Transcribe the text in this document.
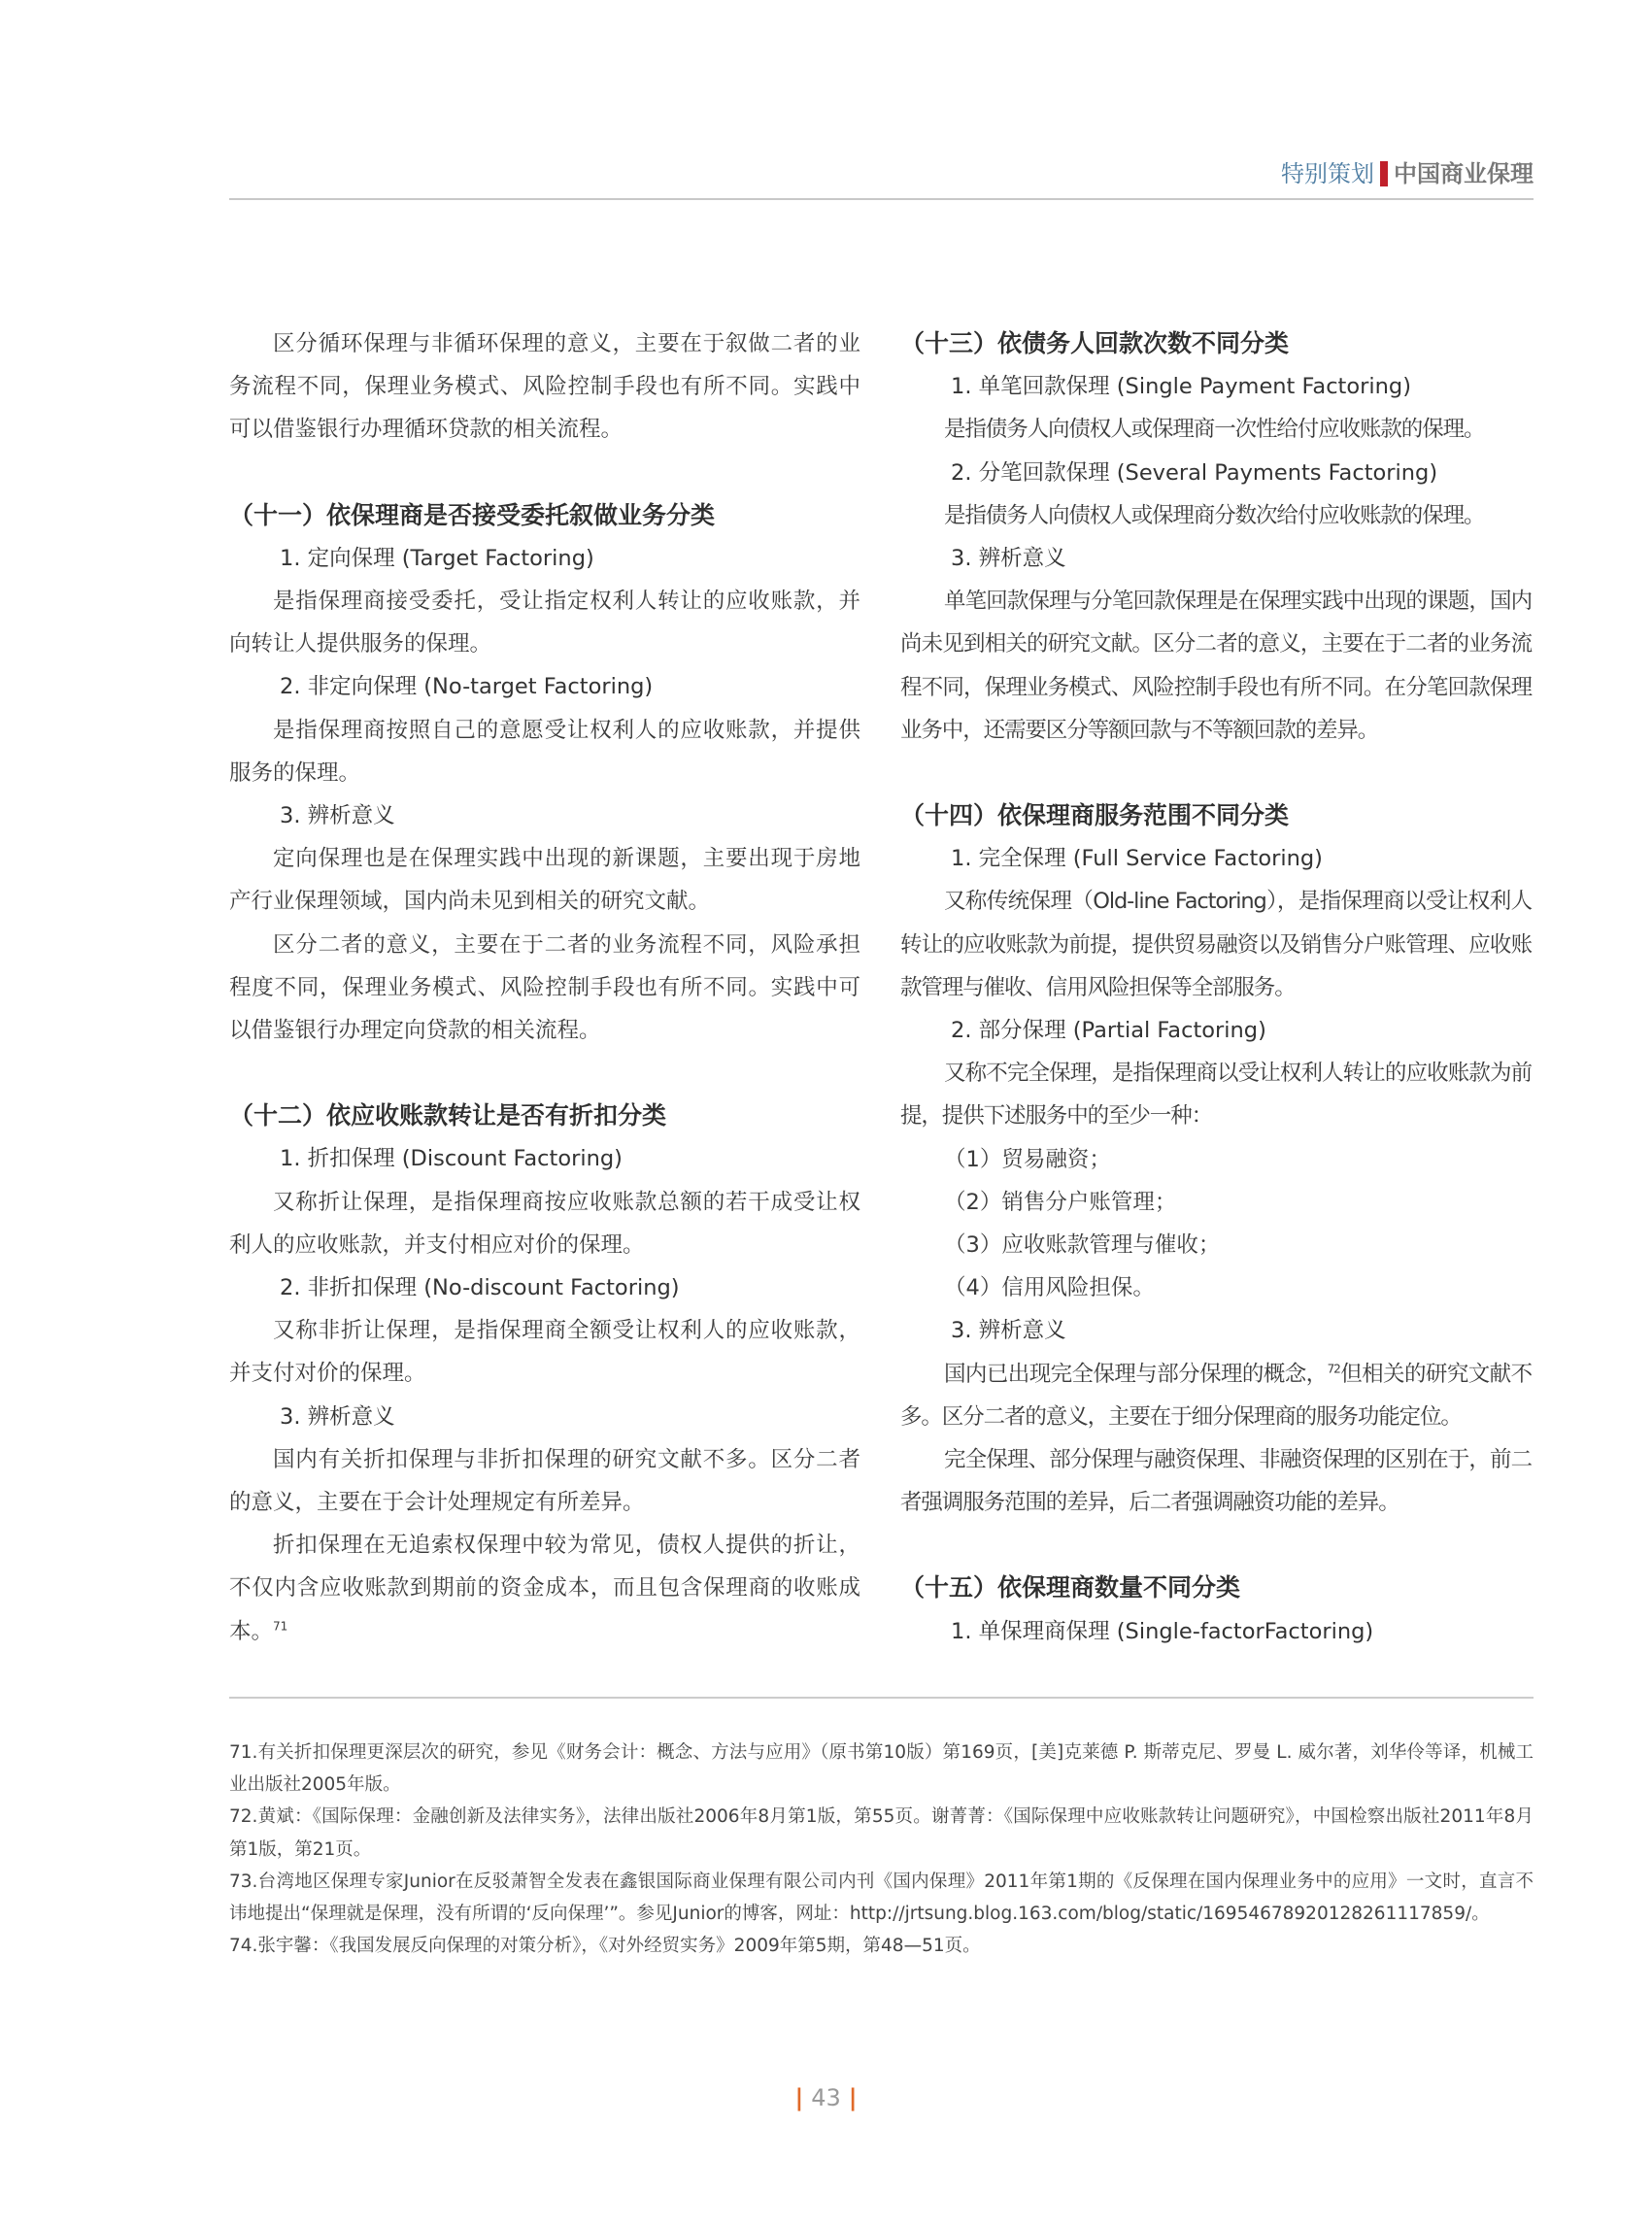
特别策划 中国商业保理

区分循环保理与非循环保理的意义，主要在于叙做二者的业务流程不同，保理业务模式、风险控制手段也有所不同。实践中可以借鉴银行办理循环贷款的相关流程。

（十一）依保理商是否接受委托叙做业务分类

1. 定向保理 (Target Factoring)

是指保理商接受委托，受让指定权利人转让的应收账款，并向转让人提供服务的保理。

2. 非定向保理 (No-target Factoring)

是指保理商按照自己的意愿受让权利人的应收账款，并提供服务的保理。

3. 辨析意义

定向保理也是在保理实践中出现的新课题，主要出现于房地产行业保理领域，国内尚未见到相关的研究文献。

区分二者的意义，主要在于二者的业务流程不同，风险承担程度不同，保理业务模式、风险控制手段也有所不同。实践中可以借鉴银行办理定向贷款的相关流程。

（十二）依应收账款转让是否有折扣分类

1. 折扣保理 (Discount Factoring)

又称折让保理，是指保理商按应收账款总额的若干成受让权利人的应收账款，并支付相应对价的保理。

2. 非折扣保理 (No-discount Factoring)

又称非折让保理，是指保理商全额受让权利人的应收账款，并支付对价的保理。

3. 辨析意义

国内有关折扣保理与非折扣保理的研究文献不多。区分二者的意义，主要在于会计处理规定有所差异。

折扣保理在无追索权保理中较为常见，债权人提供的折让，不仅内含应收账款到期前的资金成本，而且包含保理商的收账成本。$^{71}$

（十三）依债务人回款次数不同分类

1. 单笔回款保理 (Single Payment Factoring)

是指债务人向债权人或保理商一次性给付应收账款的保理。

2. 分笔回款保理 (Several Payments Factoring)

是指债务人向债权人或保理商分数次给付应收账款的保理。

3. 辨析意义

单笔回款保理与分笔回款保理是在保理实践中出现的课题，国内尚未见到相关的研究文献。区分二者的意义，主要在于二者的业务流程不同，保理业务模式、风险控制手段也有所不同。在分笔回款保理业务中，还需要区分等额回款与不等额回款的差异。

（十四）依保理商服务范围不同分类

1. 完全保理 (Full Service Factoring)

又称传统保理（Old-line Factoring），是指保理商以受让权利人转让的应收账款为前提，提供贸易融资以及销售分户账管理、应收账款管理与催收、信用风险担保等全部服务。

2. 部分保理 (Partial Factoring)

又称不完全保理，是指保理商以受让权利人转让的应收账款为前提，提供下述服务中的至少一种：

（1）贸易融资；

（2）销售分户账管理；

（3）应收账款管理与催收；

（4）信用风险担保。

3. 辨析意义

国内已出现完全保理与部分保理的概念，$^{72}$但相关的研究文献不多。区分二者的意义，主要在于细分保理商的服务功能定位。

完全保理、部分保理与融资保理、非融资保理的区别在于，前二者强调服务范围的差异，后二者强调融资功能的差异。

（十五）依保理商数量不同分类

1. 单保理商保理 (Single-factorFactoring)

71.有关折扣保理更深层次的研究，参见《财务会计：概念、方法与应用》（原书第10版）第169页，[美]克莱德 P. 斯蒂克尼、罗曼 L. 威尔著，刘华伶等译，机械工业出版社2005年版。

72.黄斌：《国际保理：金融创新及法律实务》，法律出版社2006年8月第1版，第55页。谢菁菁：《国际保理中应收账款转让问题研究》，中国检察出版社2011年8月第1版，第21页。

73.台湾地区保理专家Junior在反驳萧智全发表在鑫银国际商业保理有限公司内刊《国内保理》2011年第1期的《反保理在国内保理业务中的应用》一文时，直言不讳地提出“保理就是保理，没有所谓的‘反向保理’”。参见Junior的博客，网址：http://jrtsung.blog.163.com/blog/static/16954678920128261117859/。

74.张宇馨：《我国发展反向保理的对策分析》，《对外经贸实务》2009年第5期，第48—51页。

| 43 |
